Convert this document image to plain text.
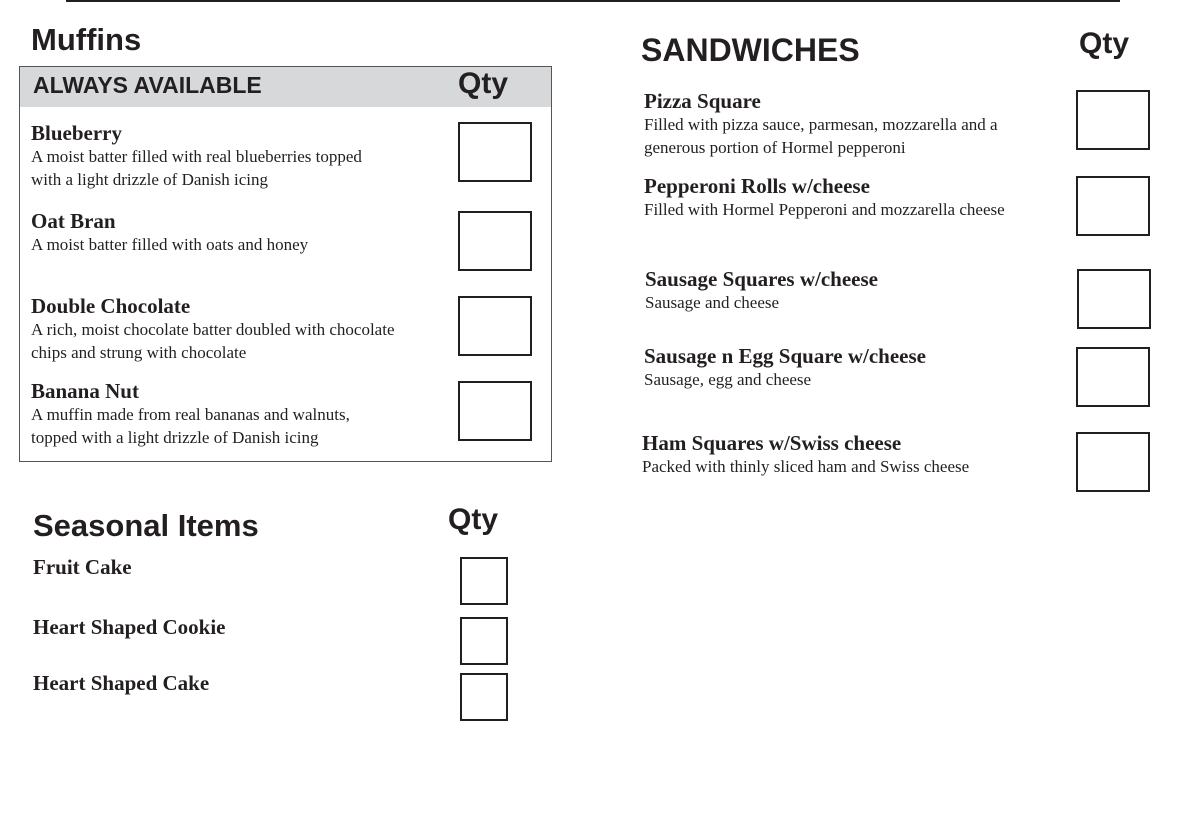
Muffins
ALWAYS AVAILABLE	Qty
Blueberry
A moist batter filled with real blueberries topped
with a light drizzle of Danish icing
Oat Bran
A moist batter filled with oats and honey
Double Chocolate
A rich, moist chocolate batter doubled with chocolate
chips and strung with chocolate
Banana Nut
A muffin made from real bananas and walnuts,
topped with a light drizzle of Danish icing
Seasonal Items	Qty
Fruit Cake
Heart Shaped Cookie
Heart Shaped Cake
SANDWICHES	Qty
Pizza Square
Filled with pizza sauce, parmesan, mozzarella and a
generous portion of Hormel pepperoni
Pepperoni Rolls w/cheese
Filled with Hormel Pepperoni and mozzarella cheese
Sausage Squares w/cheese
Sausage and cheese
Sausage n Egg Square w/cheese
Sausage, egg and cheese
Ham Squares w/Swiss cheese
Packed with thinly sliced ham and Swiss cheese
